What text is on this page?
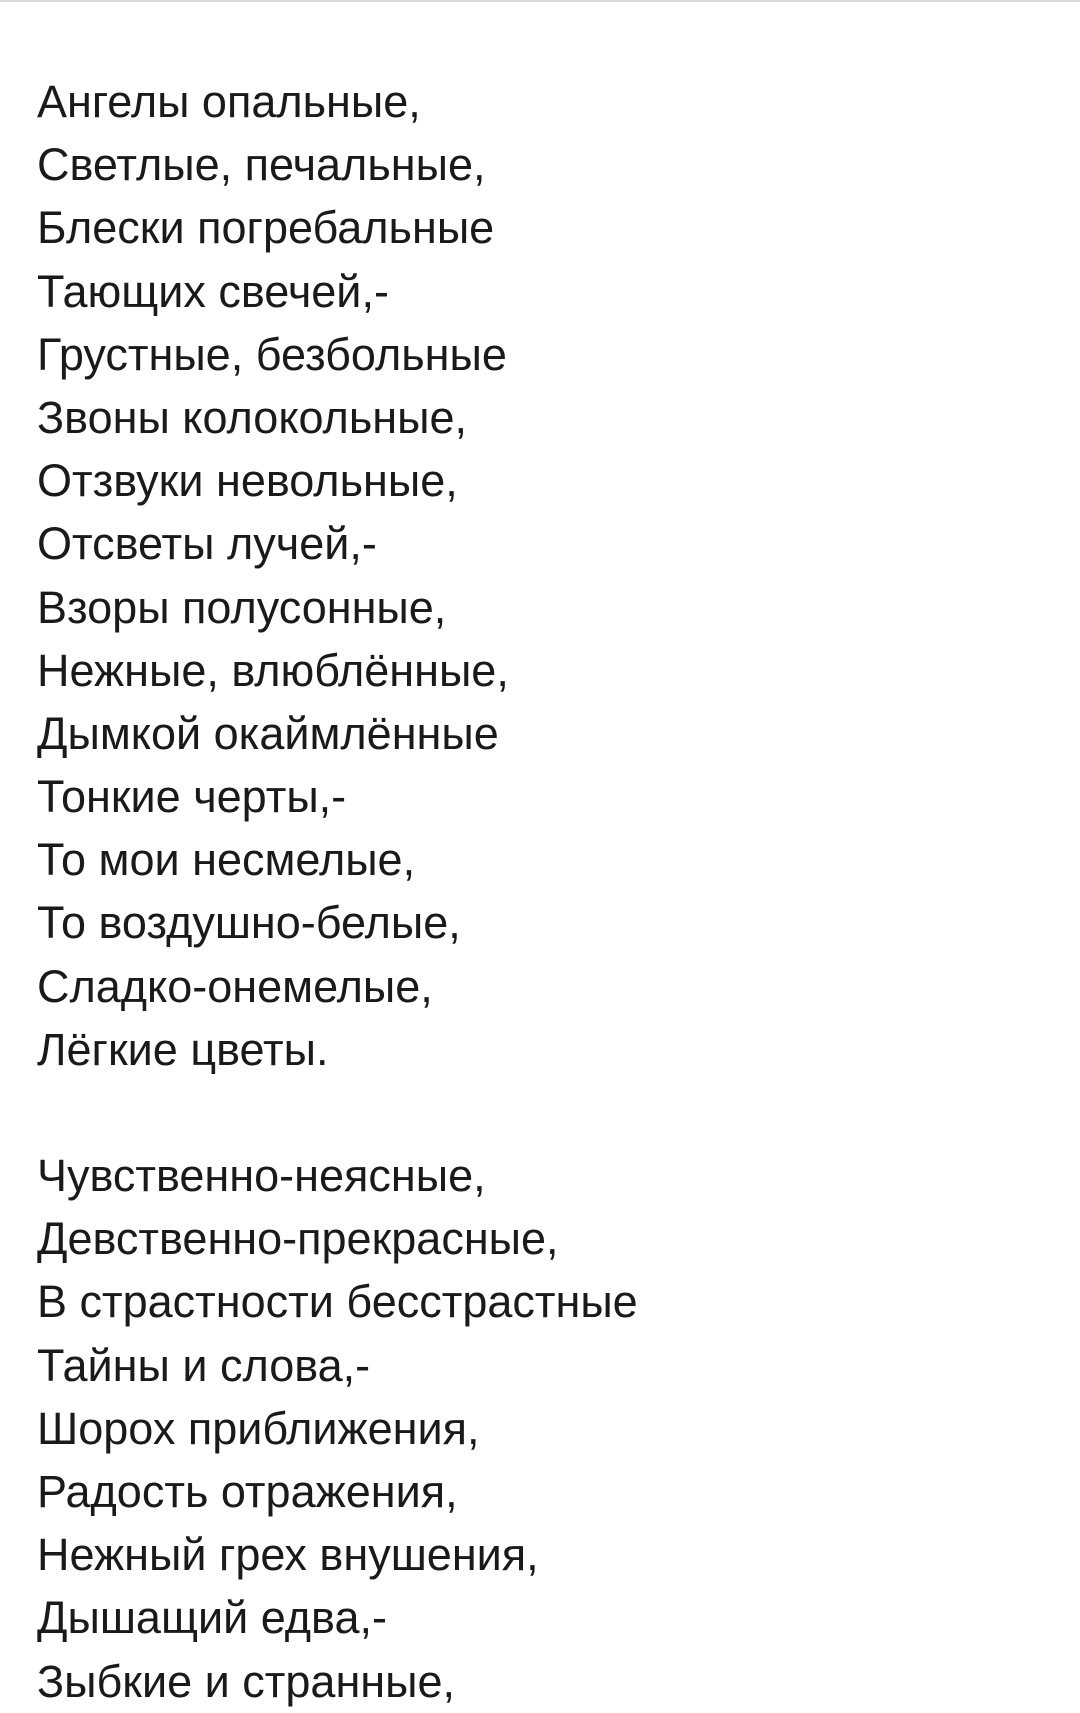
Ангелы опальные,
Светлые, печальные,
Блески погребальные
Тающих свечей,-
Грустные, безбольные
Звоны колокольные,
Отзвуки невольные,
Отсветы лучей,-
Взоры полусонные,
Нежные, влюблённые,
Дымкой окаймлённые
Тонкие черты,-
То мои несмелые,
То воздушно-белые,
Сладко-онемелые,
Лёгкие цветы.
Чувственно-неясные,
Девственно-прекрасные,
В страстности бесстрастные
Тайны и слова,-
Шорох приближения,
Радость отражения,
Нежный грех внушения,
Дышащий едва,-
Зыбкие и странные,
